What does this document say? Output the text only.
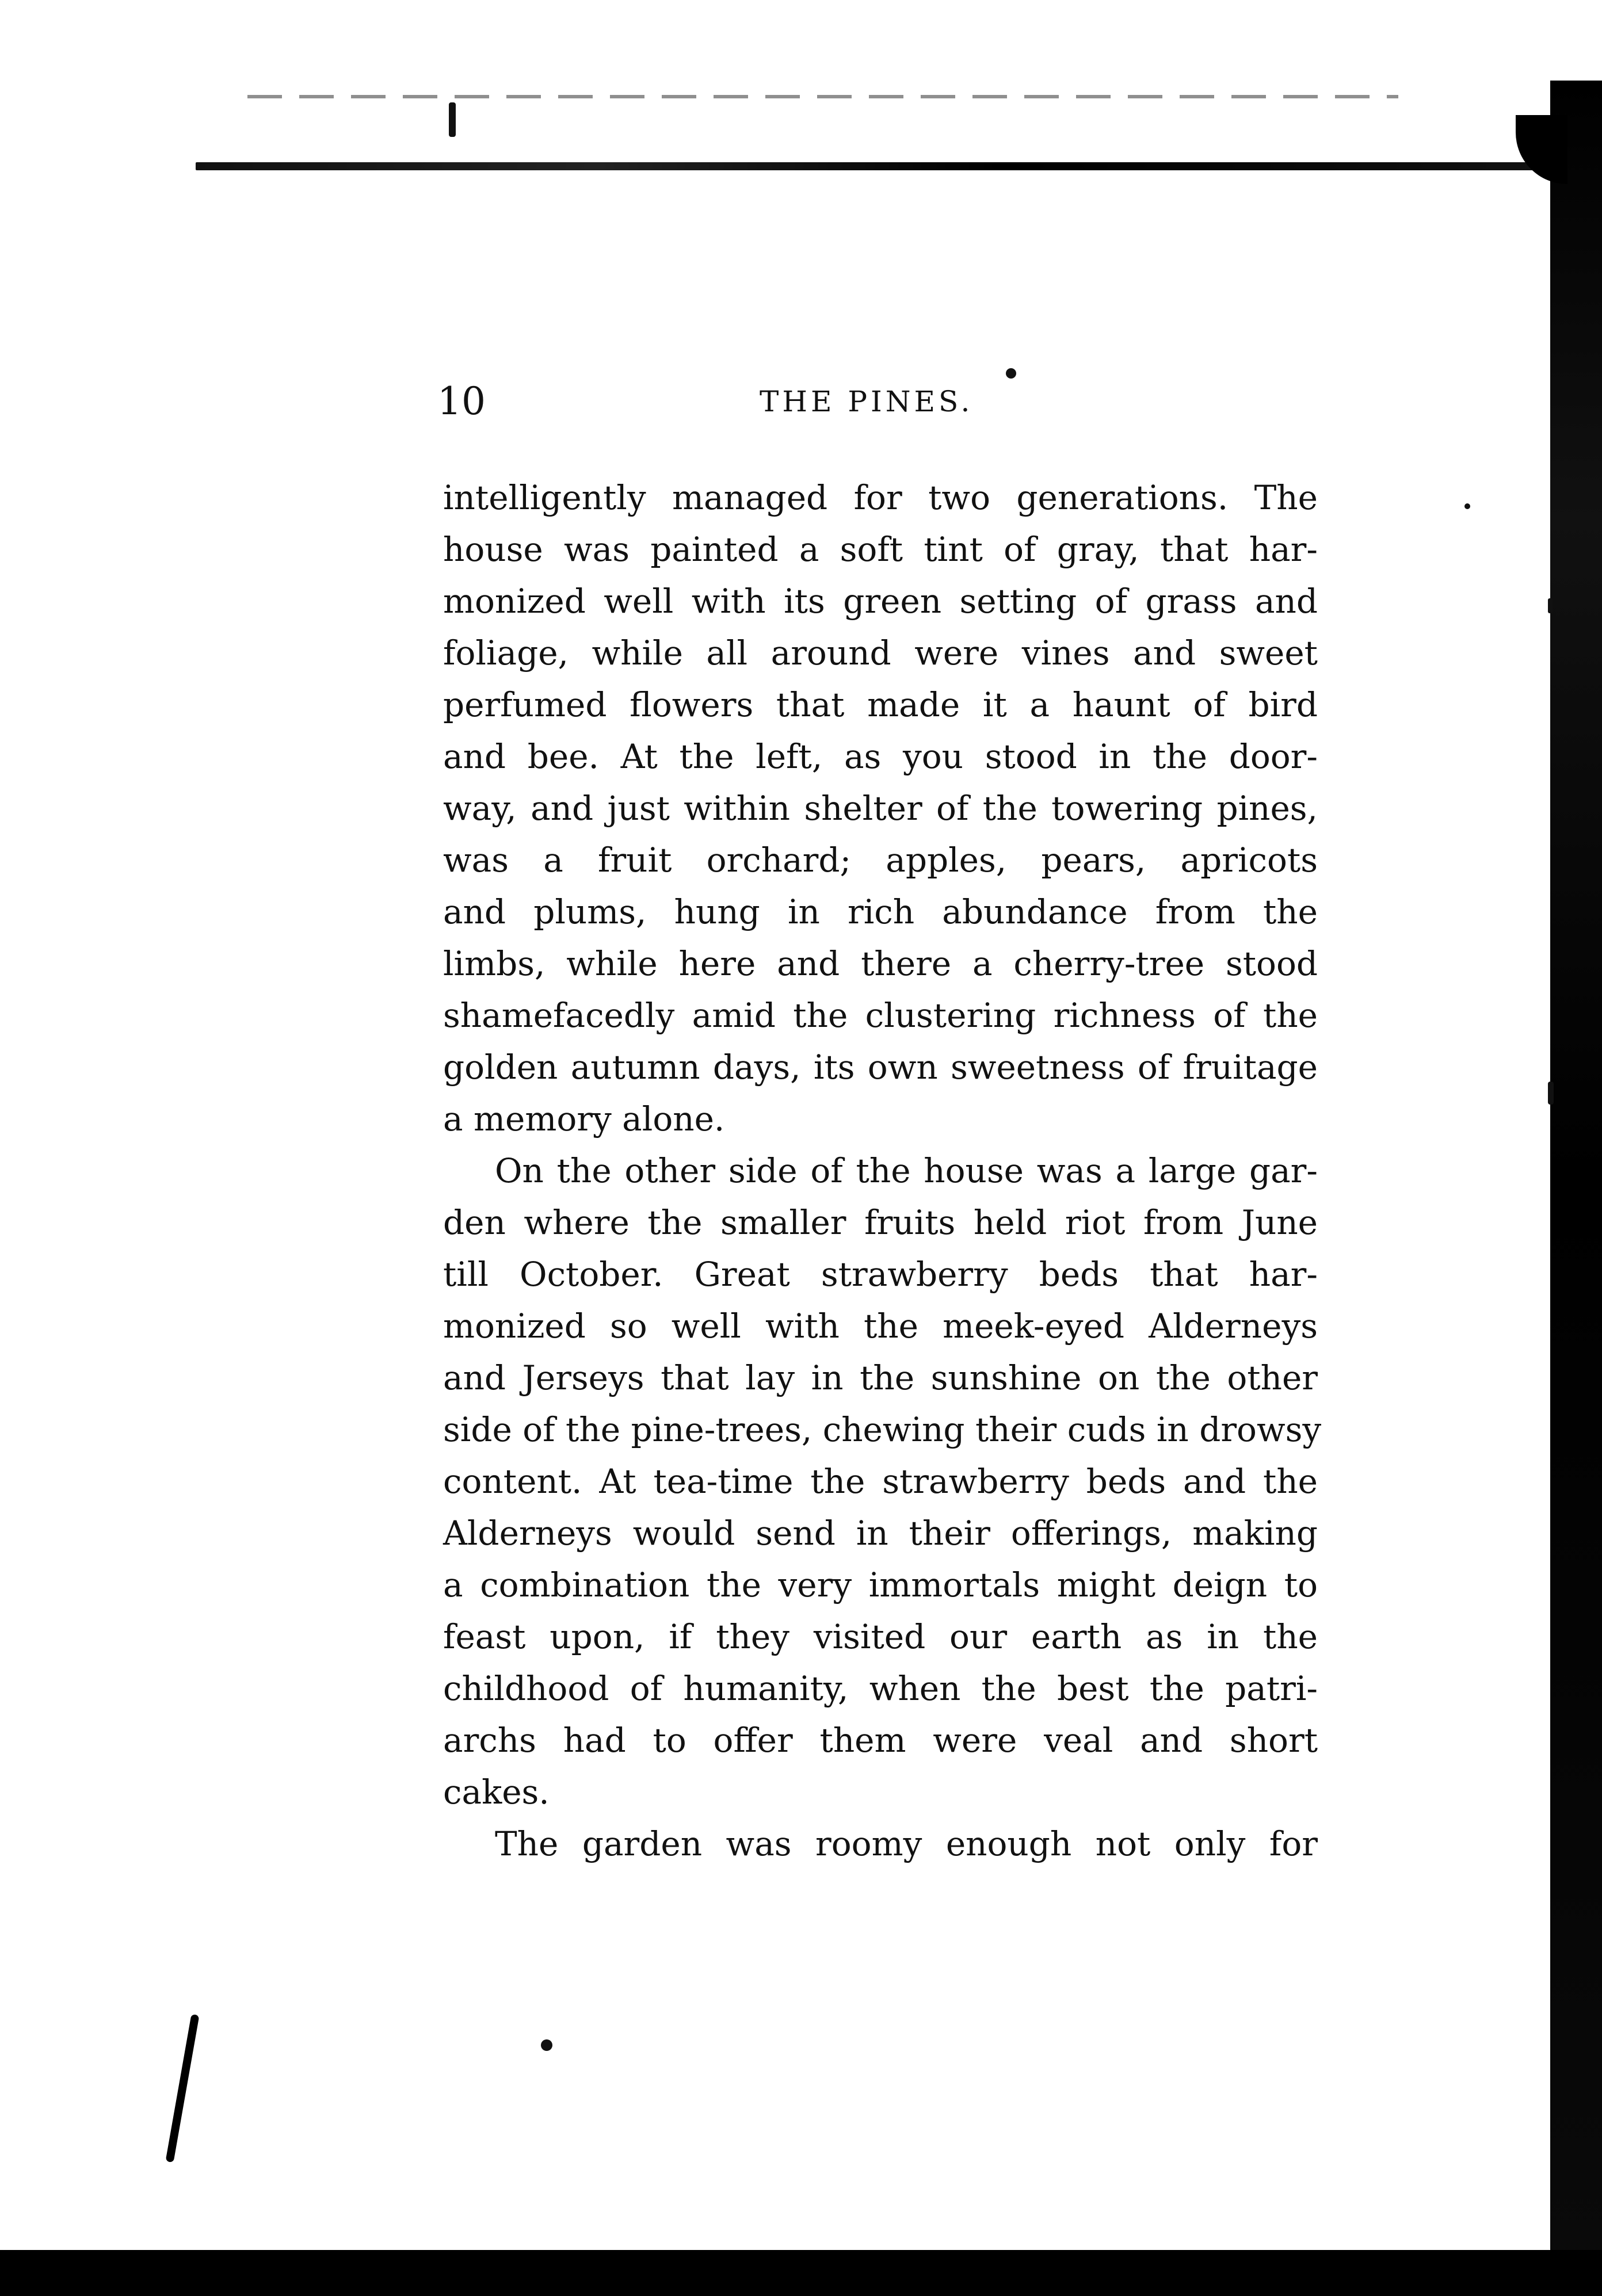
10	THE PINES.
intelligently managed for two generations. The
house was painted a soft tint of gray, that har-
monized well with its green setting of grass and
foliage, while all around were vines and sweet
perfumed flowers that made it a haunt of bird
and bee. At the left, as you stood in the door-
way, and just within shelter of the towering pines,
was a fruit orchard; apples, pears, apricots
and plums, hung in rich abundance from the
limbs, while here and there a cherry-tree stood
shamefacedly amid the clustering richness of the
golden autumn days, its own sweetness of fruitage
a memory alone.
On the other side of the house was a large gar-
den where the smaller fruits held riot from June
till October. Great strawberry beds that har-
monized so well with the meek-eyed Alderneys
and Jerseys that lay in the sunshine on the other
side of the pine-trees, chewing their cuds in drowsy
content. At tea-time the strawberry beds and the
Alderneys would send in their offerings, making
a combination the very immortals might deign to
feast upon, if they visited our earth as in the
childhood of humanity, when the best the patri-
archs had to offer them were veal and short
cakes.
The garden was roomy enough not only for
